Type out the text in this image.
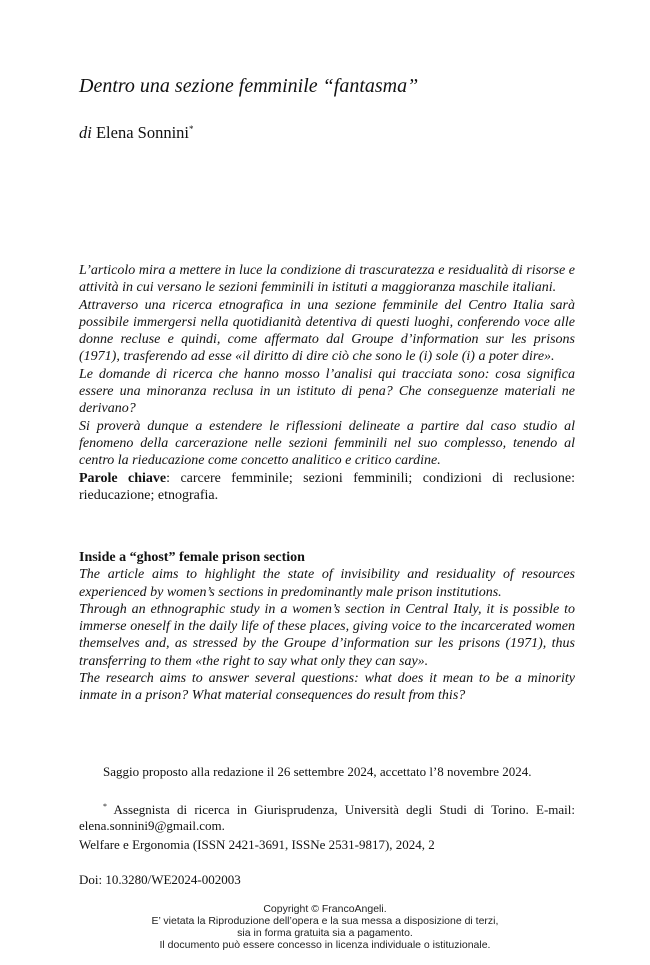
Dentro una sezione femminile “fantasma”
di Elena Sonnini*

L’articolo mira a mettere in luce la condizione di trascuratezza e residualità di risorse e attività in cui versano le sezioni femminili in istituti a maggioranza maschile italiani.

Attraverso una ricerca etnografica in una sezione femminile del Centro Italia sarà possibile immergersi nella quotidianità detentiva di questi luoghi, conferendo voce alle donne recluse e quindi, come affermato dal Groupe d’information sur les prisons (1971), trasferendo ad esse «il diritto di dire ciò che sono le (i) sole (i) a poter dire».

Le domande di ricerca che hanno mosso l’analisi qui tracciata sono: cosa significa essere una minoranza reclusa in un istituto di pena? Che conseguenze materiali ne derivano?

Si proverà dunque a estendere le riflessioni delineate a partire dal caso studio al fenomeno della carcerazione nelle sezioni femminili nel suo complesso, tenendo al centro la rieducazione come concetto analitico e critico cardine.

Parole chiave: carcere femminile; sezioni femminili; condizioni di reclusione: rieducazione; etnografia.

Inside a “ghost” female prison section

The article aims to highlight the state of invisibility and residuality of resources experienced by women’s sections in predominantly male prison institutions.

Through an ethnographic study in a women’s section in Central Italy, it is possible to immerse oneself in the daily life of these places, giving voice to the incarcerated women themselves and, as stressed by the Groupe d’information sur les prisons (1971), thus transferring to them «the right to say what only they can say».

The research aims to answer several questions: what does it mean to be a minority inmate in a prison? What material consequences do result from this?

Saggio proposto alla redazione il 26 settembre 2024, accettato l’8 novembre 2024.

* Assegnista di ricerca in Giurisprudenza, Università degli Studi di Torino. E-mail: elena.sonnini9@gmail.com.

Welfare e Ergonomia (ISSN 2421-3691, ISSNe 2531-9817), 2024, 2

Doi: 10.3280/WE2024-002003

Copyright © FrancoAngeli.
E’ vietata la Riproduzione dell’opera e la sua messa a disposizione di terzi,
sia in forma gratuita sia a pagamento.
Il documento può essere concesso in licenza individuale o istituzionale.
